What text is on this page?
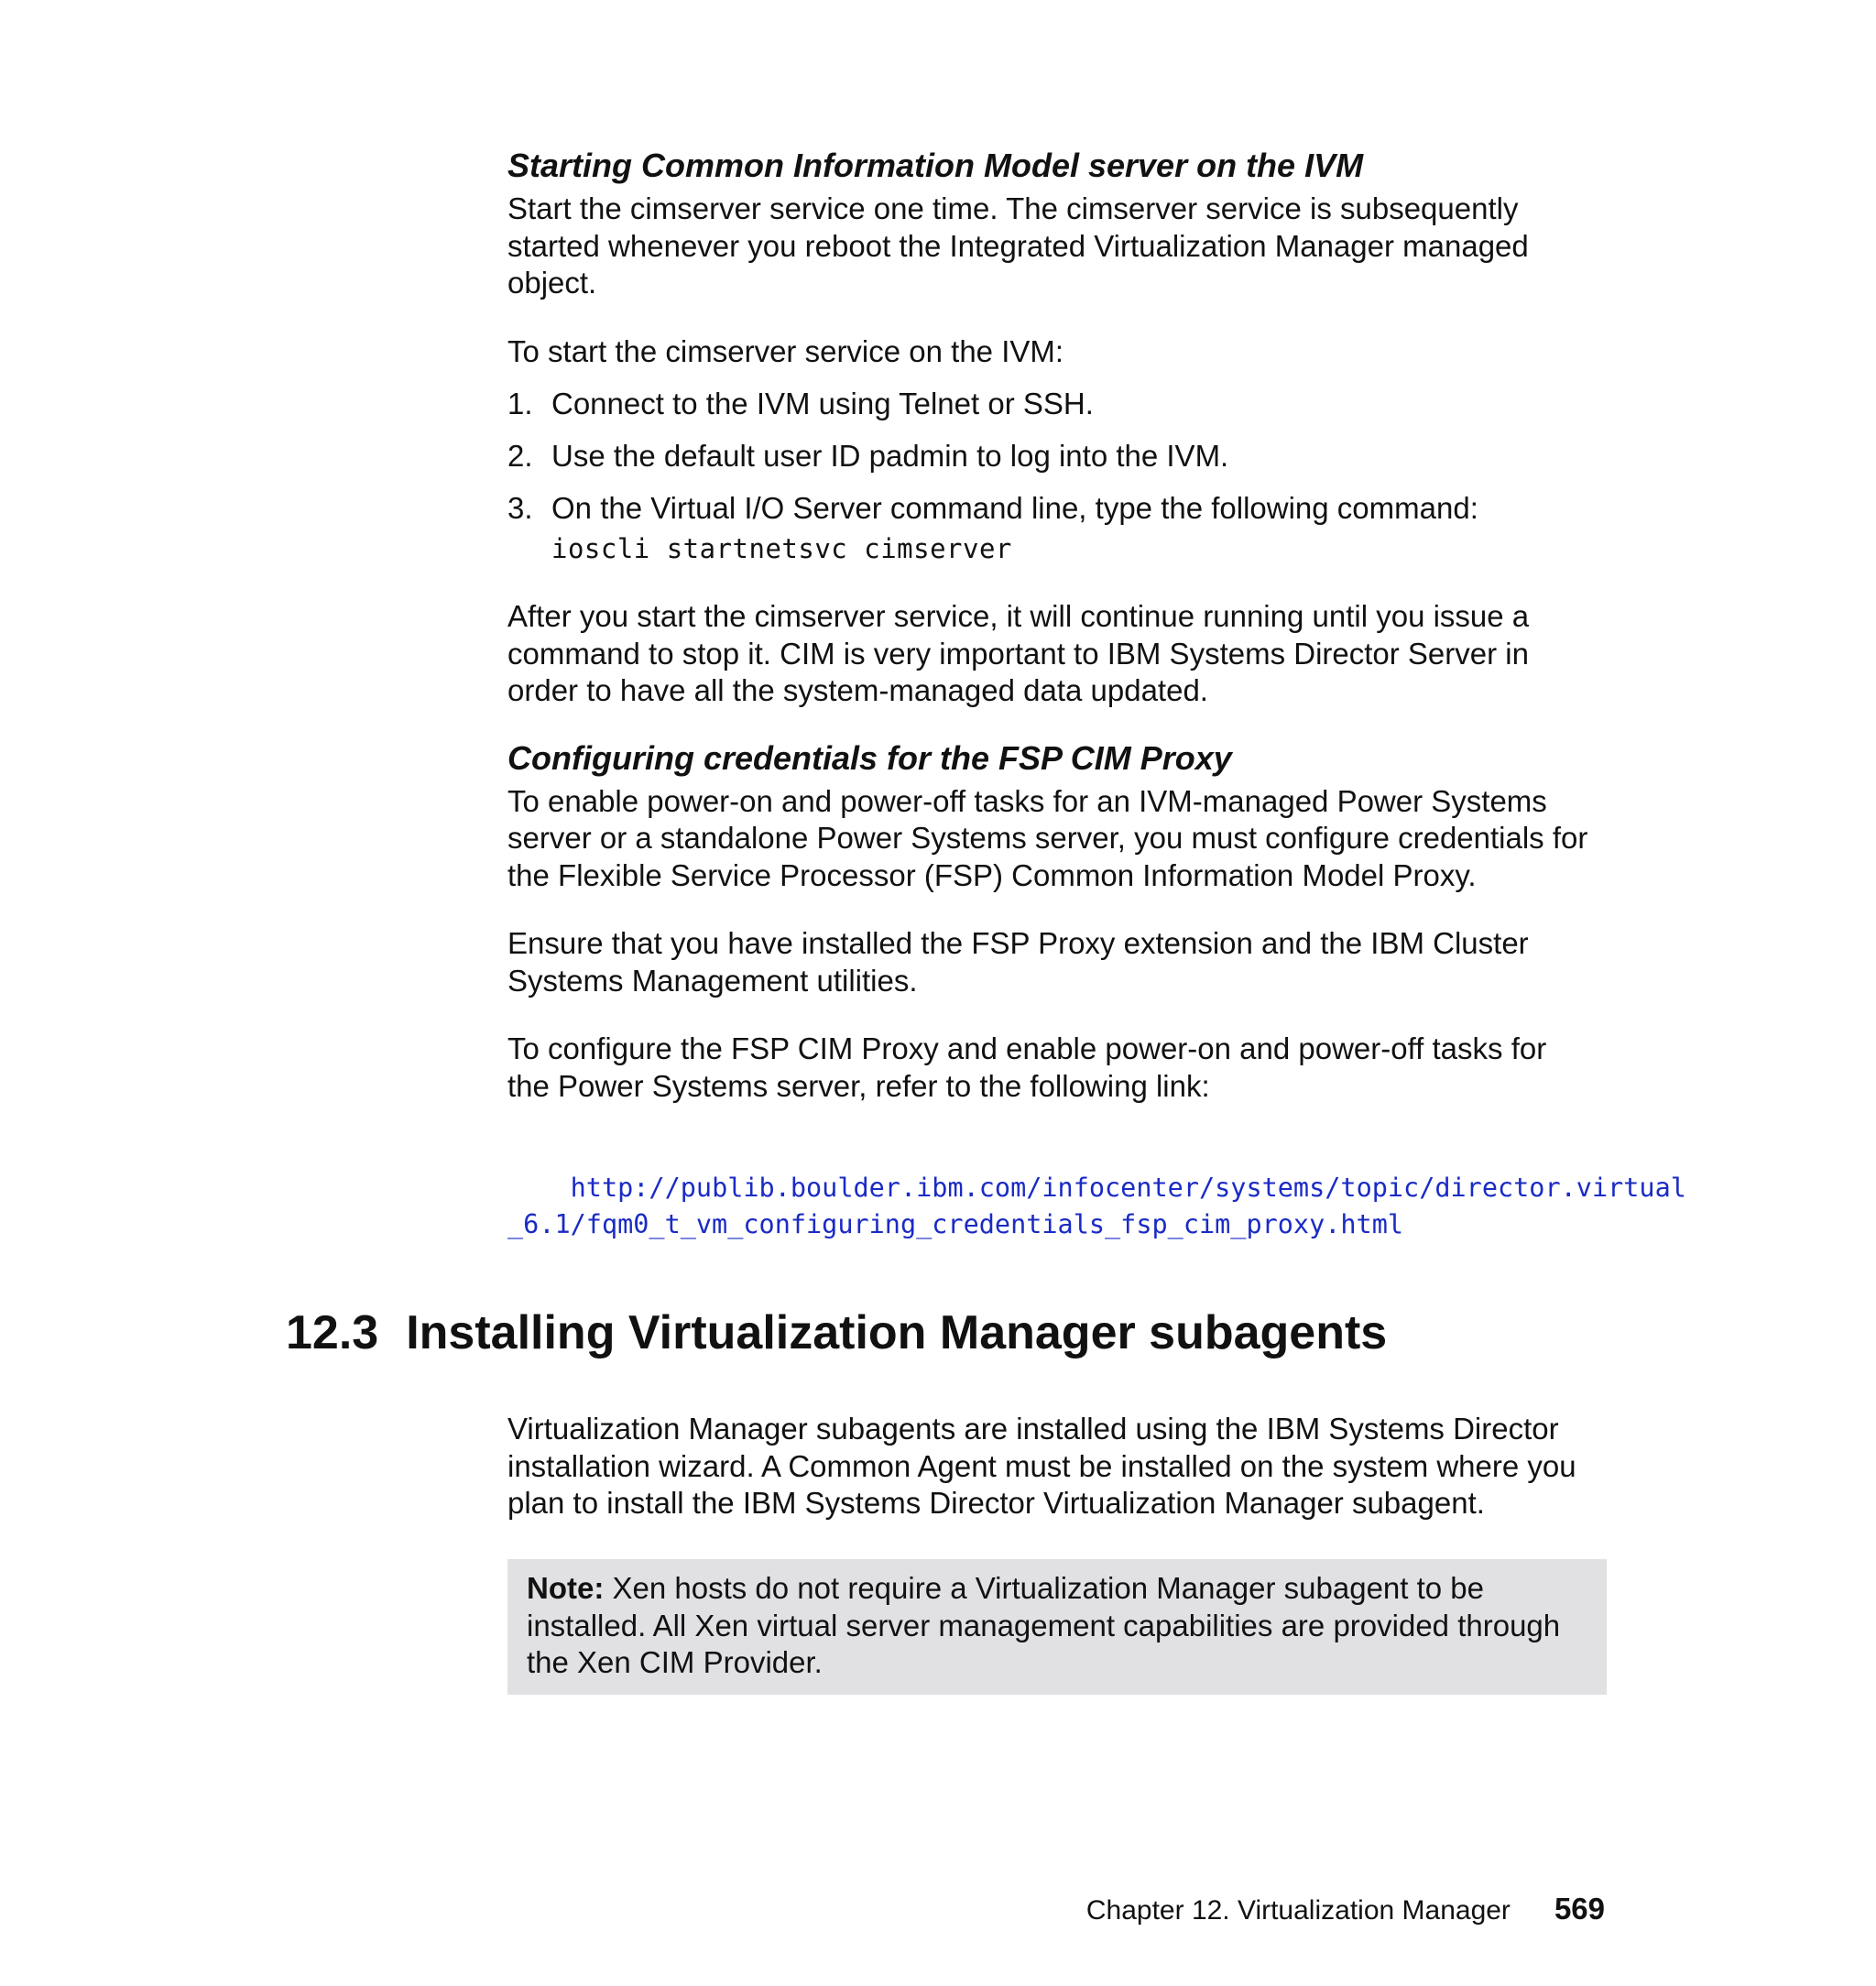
Starting Common Information Model server on the IVM

Start the cimserver service one time. The cimserver service is subsequently
started whenever you reboot the Integrated Virtualization Manager managed
object.

To start the cimserver service on the IVM:

1. Connect to the IVM using Telnet or SSH.
2. Use the default user ID padmin to log into the IVM.
3. On the Virtual I/O Server command line, type the following command:
ioscli startnetsvc cimserver

After you start the cimserver service, it will continue running until you issue a
command to stop it. CIM is very important to IBM Systems Director Server in
order to have all the system-managed data updated.

Configuring credentials for the FSP CIM Proxy

To enable power-on and power-off tasks for an IVM-managed Power Systems
server or a standalone Power Systems server, you must configure credentials for
the Flexible Service Processor (FSP) Common Information Model Proxy.

Ensure that you have installed the FSP Proxy extension and the IBM Cluster
Systems Management utilities.

To configure the FSP CIM Proxy and enable power-on and power-off tasks for
the Power Systems server, refer to the following link:

http://publib.boulder.ibm.com/infocenter/systems/topic/director.virtual
_6.1/fqm0_t_vm_configuring_credentials_fsp_cim_proxy.html
12.3 Installing Virtualization Manager subagents

Virtualization Manager subagents are installed using the IBM Systems Director
installation wizard. A Common Agent must be installed on the system where you
plan to install the IBM Systems Director Virtualization Manager subagent.

Note: Xen hosts do not require a Virtualization Manager subagent to be
installed. All Xen virtual server management capabilities are provided through
the Xen CIM Provider.
Chapter 12. Virtualization Manager 569
